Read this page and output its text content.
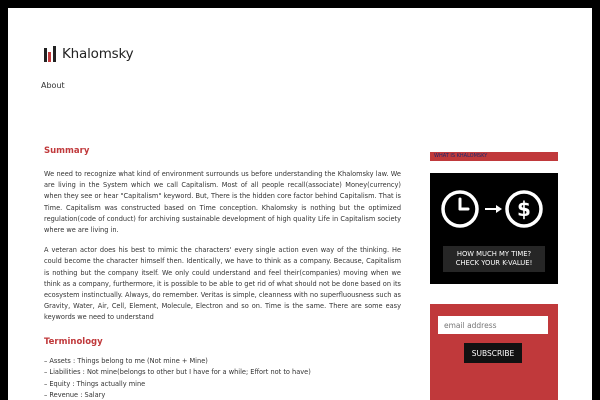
Khalomsky
About
Summary

We need to recognize what kind of environment surrounds us before understanding the Khalomsky law. We are living in the System which we call Capitalism. Most of all people recall(associate) Money(currency) when they see or hear "Capitalism" keyword. But, There is the hidden core factor behind Capitalism. That is Time. Capitalism was constructed based on Time conception. Khalomsky is nothing but the optimized regulation(code of conduct) for archiving sustainable development of high quality Life in Capitalism society where we are living in.

A veteran actor does his best to mimic the characters' every single action even way of the thinking. He could become the character himself then. Identically, we have to think as a company. Because, Capitalism is nothing but the company itself. We only could understand and feel their(companies) moving when we think as a company, furthermore, it is possible to be able to get rid of what should not be done based on its ecosystem instinctually. Always, do remember. Veritas is simple, cleanness with no superfluousness such as Gravity, Water, Air, Cell, Element, Molecule, Electron and so on. Time is the same. There are some easy keywords we need to understand

Terminology
– Assets : Things belong to me (Not mine + Mine)
– Liabilities : Not mine(belongs to other but I have for a while; Effort not to have)
– Equity : Things actually mine
– Revenue : Salary
WHAT IS KHALOMSKY
$
HOW MUCH MY TIME?
CHECK YOUR K-VALUE!
email address
SUBSCRIBE
